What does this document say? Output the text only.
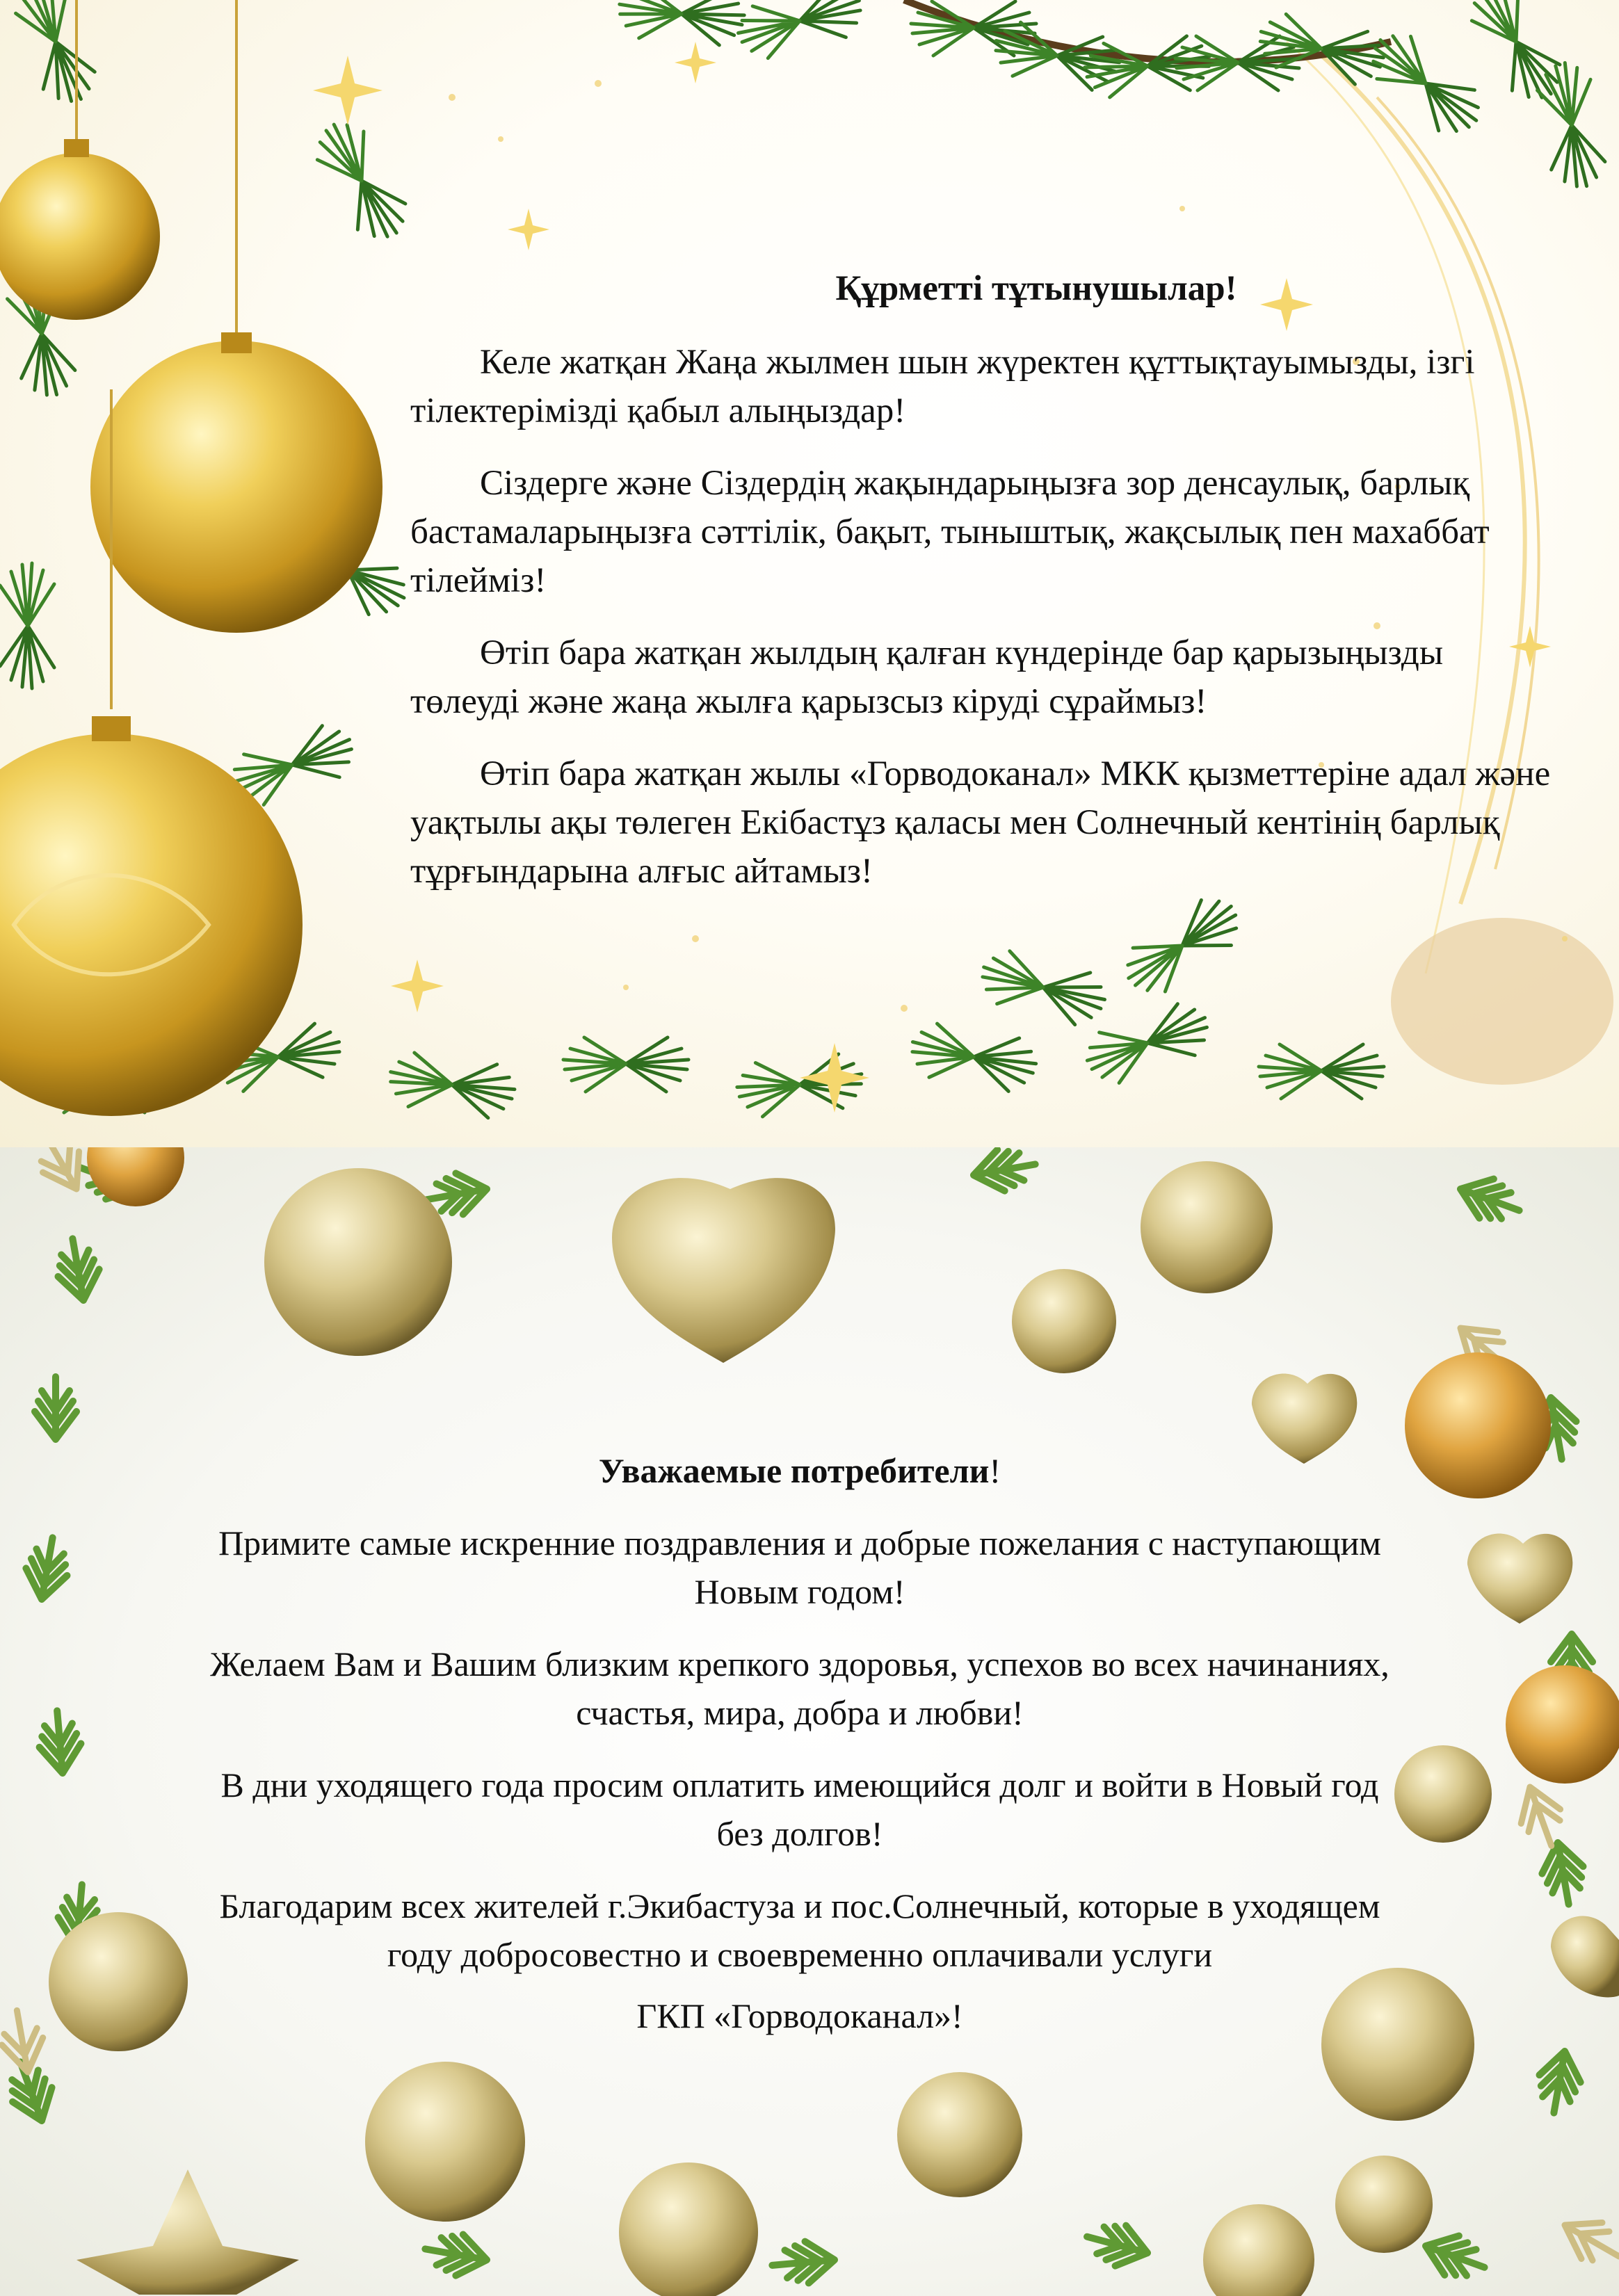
Құрметті тұтынушылар!

Келе жатқан Жаңа жылмен шын жүректен құттықтауымызды, ізгі тілектерімізді қабыл алыңыздар!

Сіздерге және Сіздердің жақындарыңызға зор денсаулық, барлық бастамаларыңызға сәттілік, бақыт, тыныштық, жақсылық пен махаббат тілейміз!

Өтіп бара жатқан жылдың қалған күндерінде бар қарызыңызды төлеуді және жаңа жылға қарызсыз кіруді сұраймыз!

Өтіп бара жатқан жылы «Горводоканал» МКК қызметтеріне адал және уақтылы ақы төлеген Екібастұз қаласы мен Солнечный кентінің барлық тұрғындарына алғыс айтамыз!

Уважаемые потребители!

Примите самые искренние поздравления и добрые пожелания с наступающим Новым годом!

Желаем Вам и Вашим близким крепкого здоровья, успехов во всех начинаниях, счастья, мира, добра и любви!

В дни уходящего года просим оплатить имеющийся долг и войти в Новый год без долгов!

Благодарим всех жителей г.Экибастуза и пос.Солнечный, которые в уходящем году добросовестно и своевременно оплачивали услуги

ГКП «Горводоканал»!
